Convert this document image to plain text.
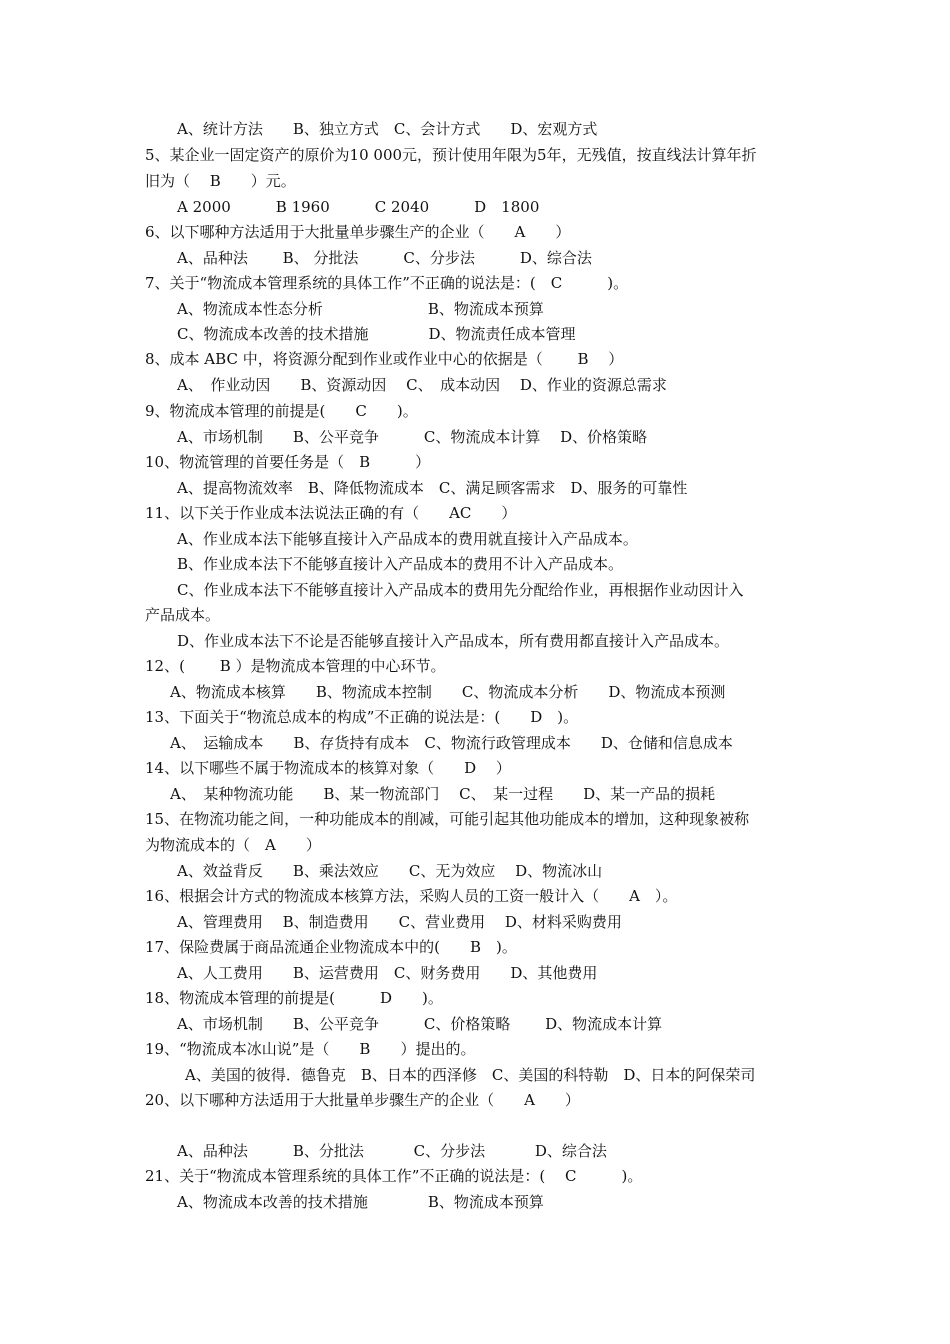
A、统计方法　　B、独立方式　C、会计方式　　D、宏观方式
5、某企业一固定资产的原价为10 000元，预计使用年限为5年，无残值，按直线法计算年折
旧为（　 B　　）元。
A 2000　　　B 1960　　　C 2040　　　D　1800
6、以下哪种方法适用于大批量单步骤生产的企业（　　A　　）
A、品种法　　 B、 分批法　　　C、分步法　　　D、综合法
7、关于“物流成本管理系统的具体工作”不正确的说法是：(　C　　　)。
A、物流成本性态分析　　　　　　　B、物流成本预算
C、物流成本改善的技术措施　　　　D、物流责任成本管理
8、成本 ABC 中，将资源分配到作业或作业中心的依据是（　　 B　 ）
A、　作业动因　　B、资源动因　 C、　成本动因　 D、作业的资源总需求
9、物流成本管理的前提是(　　C　　)。
A、市场机制　　B、公平竞争　　　C、物流成本计算　 D、价格策略
10、物流管理的首要任务是（　B　　　）
A、提高物流效率　B、降低物流成本　C、满足顾客需求　D、服务的可靠性
11、以下关于作业成本法说法正确的有（　　AC　　）
A、作业成本法下能够直接计入产品成本的费用就直接计入产品成本。
B、作业成本法下不能够直接计入产品成本的费用不计入产品成本。
C、作业成本法下不能够直接计入产品成本的费用先分配给作业，再根据作业动因计入
产品成本。
D、作业成本法下不论是否能够直接计入产品成本，所有费用都直接计入产品成本。
12、(　　 B ）是物流成本管理的中心环节。
A、物流成本核算　　B、物流成本控制　　C、物流成本分析　　D、物流成本预测
13、下面关于“物流总成本的构成”不正确的说法是：(　　D　)。
A、　运输成本　　B、存货持有成本　C、物流行政管理成本　　D、仓储和信息成本
14、以下哪些不属于物流成本的核算对象（　　D　 ）
A、　某种物流功能　　B、某一物流部门　 C、　某一过程　　D、某一产品的损耗
15、在物流功能之间，一种功能成本的削减，可能引起其他功能成本的增加，这种现象被称
为物流成本的（　A　　）
A、效益背反　　B、乘法效应　　C、无为效应　 D、物流冰山
16、根据会计方式的物流成本核算方法，采购人员的工资一般计入（　　A　）。
A、管理费用　 B、制造费用　　C、营业费用　 D、材料采购费用
17、保险费属于商品流通企业物流成本中的(　　B　)。
A、人工费用　　B、运营费用　C、财务费用　　D、其他费用
18、物流成本管理的前提是(　　　D　　)。
A、市场机制　　B、公平竞争　　　C、价格策略　　 D、物流成本计算
19、“物流成本冰山说”是（　　B　　）提出的。
A、美国的彼得．德鲁克　B、日本的西泽修　C、美国的科特勒　D、日本的阿保荣司
20、以下哪种方法适用于大批量单步骤生产的企业（　　A　　）
A、品种法　　　B、分批法　　　 C、分步法　　　 D、综合法
21、关于“物流成本管理系统的具体工作”不正确的说法是：(　 C　　　)。
A、物流成本改善的技术措施　　　　B、物流成本预算
